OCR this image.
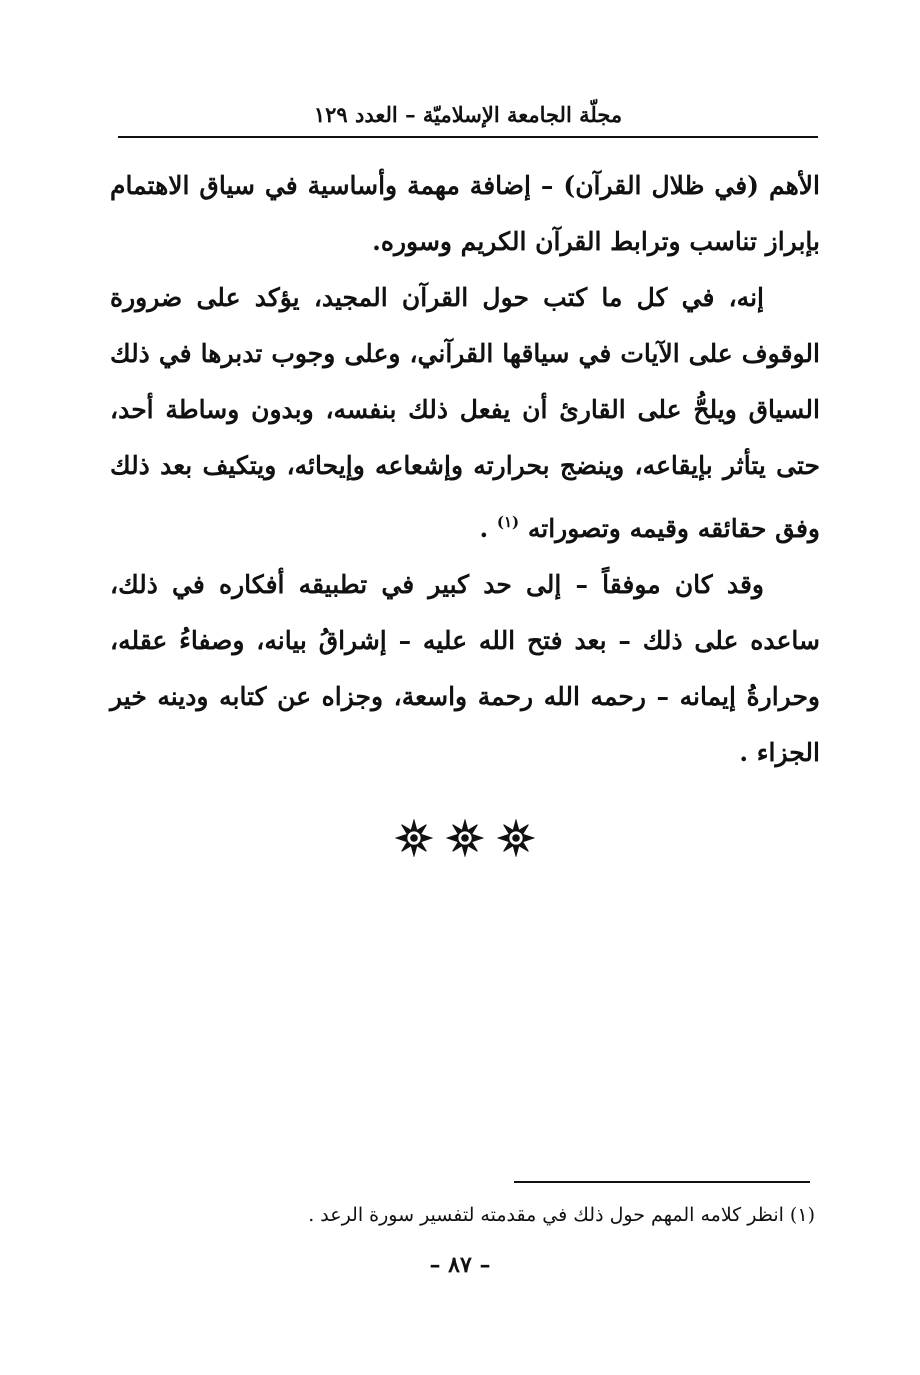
مجلّة الجامعة الإسلاميّة – العدد ١٢٩

الأهم (في ظلال القرآن) – إضافة مهمة وأساسية في سياق الاهتمام بإبراز تناسب وترابط القرآن الكريم وسوره.

إنه، في كل ما كتب حول القرآن المجيد، يؤكد على ضرورة الوقوف على الآيات في سياقها القرآني، وعلى وجوب تدبرها في ذلك السياق ويلحُّ على القارئ أن يفعل ذلك بنفسه، وبدون وساطة أحد، حتى يتأثر بإيقاعه، وينضج بحرارته وإشعاعه وإيحائه، ويتكيف بعد ذلك وفق حقائقه وقيمه وتصوراته $^{(١)}$ .

وقد كان موفقاً – إلى حد كبير في تطبيقه أفكاره في ذلك، ساعده على ذلك – بعد فتح الله عليه – إشراقُ بيانه، وصفاءُ عقله، وحرارةُ إيمانه – رحمه الله رحمة واسعة، وجزاه عن كتابه ودينه خير الجزاء .

(١) انظر كلامه المهم حول ذلك في مقدمته لتفسير سورة الرعد .
– ٨٧ –
